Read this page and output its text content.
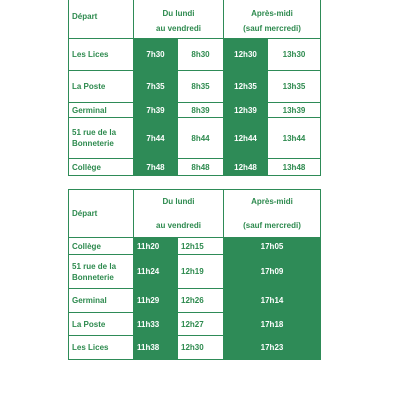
Départ	Du lundi		Après-midi	
	au vendredi		(sauf mercredi)	
Les Lices	7h30	8h30	12h30	13h30
La Poste	7h35	8h35	12h35	13h35
Germinal	7h39	8h39	12h39	13h39
51 rue de la Bonneterie	7h44	8h44	12h44	13h44
Collège	7h48	8h48	12h48	13h48
Départ	Du lundi		Après-midi
	au vendredi		(sauf mercredi)
Collège	11h20	12h15	17h05
51 rue de la Bonneterie	11h24	12h19	17h09
Germinal	11h29	12h26	17h14
La Poste	11h33	12h27	17h18
Les Lices	11h38	12h30	17h23
